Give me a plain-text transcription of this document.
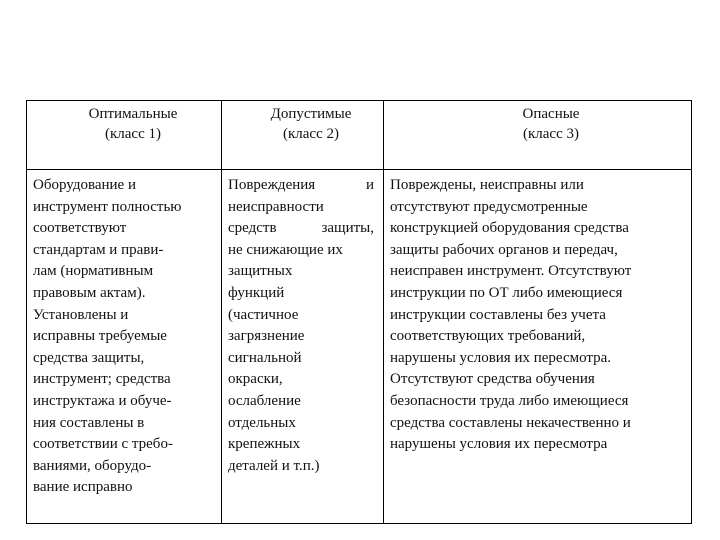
Оптимальные
(класс 1)
Допустимые
(класс 2)
Опасные
(класс 3)
Оборудование и
инструмент полностью
соответствуют
стандартам и прави-
лам (нормативным
правовым актам).
Установлены и
исправны требуемые
средства защиты,
инструмент; средства
инструктажа и обуче-
ния составлены в
соответствии с требо-
ваниями, оборудо-
вание исправно
Повреждения	и
неисправности
средств	защиты,
не снижающие их
защитных
функций
(частичное
загрязнение
сигнальной
окраски,
ослабление
отдельных
крепежных
деталей и т.п.)
Повреждены, неисправны или
отсутствуют предусмотренные
конструкцией оборудования средства
защиты рабочих органов и передач,
неисправен инструмент. Отсутствуют
инструкции по ОТ либо имеющиеся
инструкции составлены без учета
соответствующих требований,
нарушены условия их пересмотра.
Отсутствуют средства обучения
безопасности труда либо имеющиеся
средства составлены некачественно и
нарушены условия их пересмотра
